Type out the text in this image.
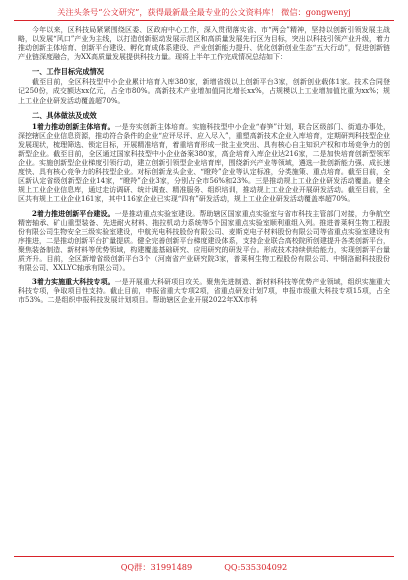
关注头条号“公文研究”，获得最新最全最专业的公文资料库！ 微信：gongwenyj

今年以来，区科技局紧紧围绕区委、区政府中心工作，深入贯彻落实省、市“两会”精神，坚持以创新引领发展主战略，以发展“风口”产业为主线，以打造创新驱动发展示范区和高质量发展先行区为目标，突出以科技引领产业升级，着力推动创新主体培育、创新平台建设、孵化育成体系建设、产业创新能力提升、优化创新创业生态“五大行动”，促进创新链产业链深度融合，为XX高质量发展提供科技力量。现将上半年工作完成情况总结如下：

一、工作目标完成情况

截至目前，全区科技型中小企业累计培育入库380家，新增省级以上创新平台3家，创新创业载体1家。技术合同登记250份，成交额达xx亿元，占全市80%。高新技术产业增加值同比增长xx%，占规模以上工业增加值比重为xx%；规上工业企业研发活动覆盖超70%。

二、具体做法及成效

1着力推动创新主体培育。一是夯实创新主体培育。实施科技型中小企业“春笋”计划，联合区级部门、街道办事处，深挖辖区企业信息资源，推动符合条件的企业“应评尽评、应入尽入”，重塑高新技术企业入库培育，定期研判科技型企业发展现状，梳理筛选、锁定目标，开展精准培育，着重培育形成一批主业突出、具有核心自主知识产权和市场竞争力的创新型企业。截至目前，全区通过国家科技型中小企业备案380家，高企培育入库企业达216家，二是加快培育创新型领军企业。实施创新型企业梯度引领行动，建立创新引领型企业培育库，围绕新兴产业等领域，遴选一批创新能力强、成长速度快、具有核心竞争力的科技型企业。对标创新龙头企业、“瞪羚”企业等认定标准，分类施策、重点培育。截至目前，全区新认定省级创新型企业14家，“瞪羚”企业3家，分别占全市56%和23%。三是推动规上工业企业研发活动覆盖。健全规上工业企业信息库，通过走访调研、统计调查、精准服务、组织培训，推动规上工业企业开展研发活动。截至目前，全区共有规上工业企业161家，其中116家企业已实现“四有”研发活动，规上工业企业研发活动覆盖率超70%。

2着力推进创新平台建设。一是推动重点实验室建设。帮助辖区国家重点实验室与省市科技主管部门对接，力争航空精密轴承、矿山重型装备、先进耐火材料、拖拉机动力系统等5个国家重点实验室顺利重组入列。推进普莱柯生物工程股份有限公司生物安全三级实验室建设，中航光电科技股份有限公司、麦斯克电子材料股份有限公司等省重点实验室建设有序推进，二是推动创新平台扩量提质。健全完善创新平台梯度建设体系，支持企业联合高校院所创建提升各类创新平台，聚焦装备制造、新材料等优势领域，构建覆盖基础研究、应用研究的研发平台。形成技术持续供给能力，实现创新平台量质齐升。目前，全区新增省级创新平台3个（河南省产业研究院3家，普莱柯生物工程股份有限公司、中钢洛耐科技股份有限公司、XXLYC轴承有限公司）。

3着力实施重大科技专项。一是开展重大科研项目攻关。聚焦先进制造、新材料科技等优势产业领域，组织实施重大科技专项，争取项目性支持。截止目前，申报省重大专项2项，省重点研发计划7项，申报市级重大科技专项15项，占全市53%。二是组织申报科技发展计划项目。帮助辖区企业开展2022年XX市科

QQ群：31991489	QQ:535304092
